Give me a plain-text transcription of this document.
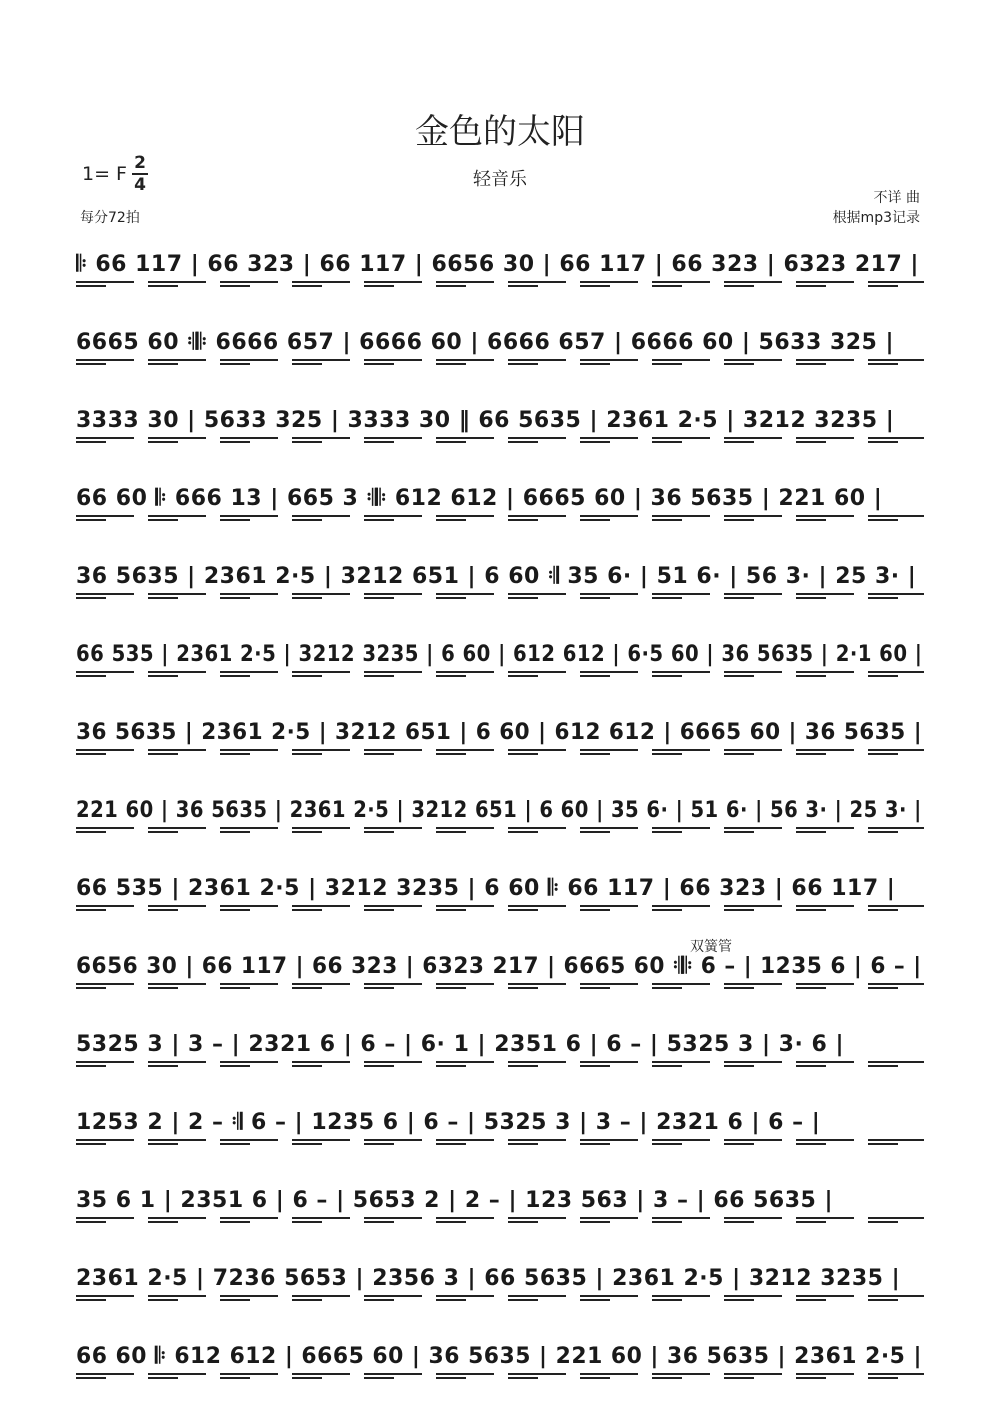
金色的太阳
轻音乐
1= F 2
4
每分72拍
不详 曲
根据mp3记录
双簧管
𝄆 66 117 | 66 323 | 66 117 | 6656 30 | 66 117 | 66 323 | 6323 217 |
6665 60 𝄇𝄆 6666 657 | 6666 60 | 6666 657 | 6666 60 | 5633 325 |
3333 30 | 5633 325 | 3333 30 ‖ 66 5635 | 2361 2·5 | 3212 3235 |
66 60 𝄆 666 13 | 665 3 𝄇𝄆 612 612 | 6665 60 | 36 5635 | 221 60 |
36 5635 | 2361 2·5 | 3212 651 | 6 60 𝄇 35 6· | 51 6· | 56 3· | 25 3· |
66 535 | 2361 2·5 | 3212 3235 | 6 60 | 612 612 | 6·5 60 | 36 5635 | 2·1 60 |
36 5635 | 2361 2·5 | 3212 651 | 6 60 | 612 612 | 6665 60 | 36 5635 |
221 60 | 36 5635 | 2361 2·5 | 3212 651 | 6 60 | 35 6· | 51 6· | 56 3· | 25 3· |
66 535 | 2361 2·5 | 3212 3235 | 6 60 𝄆 66 117 | 66 323 | 66 117 |
6656 30 | 66 117 | 66 323 | 6323 217 | 6665 60 𝄇𝄆 6 – | 1235 6 | 6 – |
5325 3 | 3 – | 2321 6 | 6 – | 6· 1 | 2351 6 | 6 – | 5325 3 | 3· 6 |
1253 2 | 2 – 𝄇 6 – | 1235 6 | 6 – | 5325 3 | 3 – | 2321 6 | 6 – |
35 6 1 | 2351 6 | 6 – | 5653 2 | 2 – | 123 563 | 3 – | 66 5635 |
2361 2·5 | 7236 5653 | 2356 3 | 66 5635 | 2361 2·5 | 3212 3235 |
66 60 𝄆 612 612 | 6665 60 | 36 5635 | 221 60 | 36 5635 | 2361 2·5 |
